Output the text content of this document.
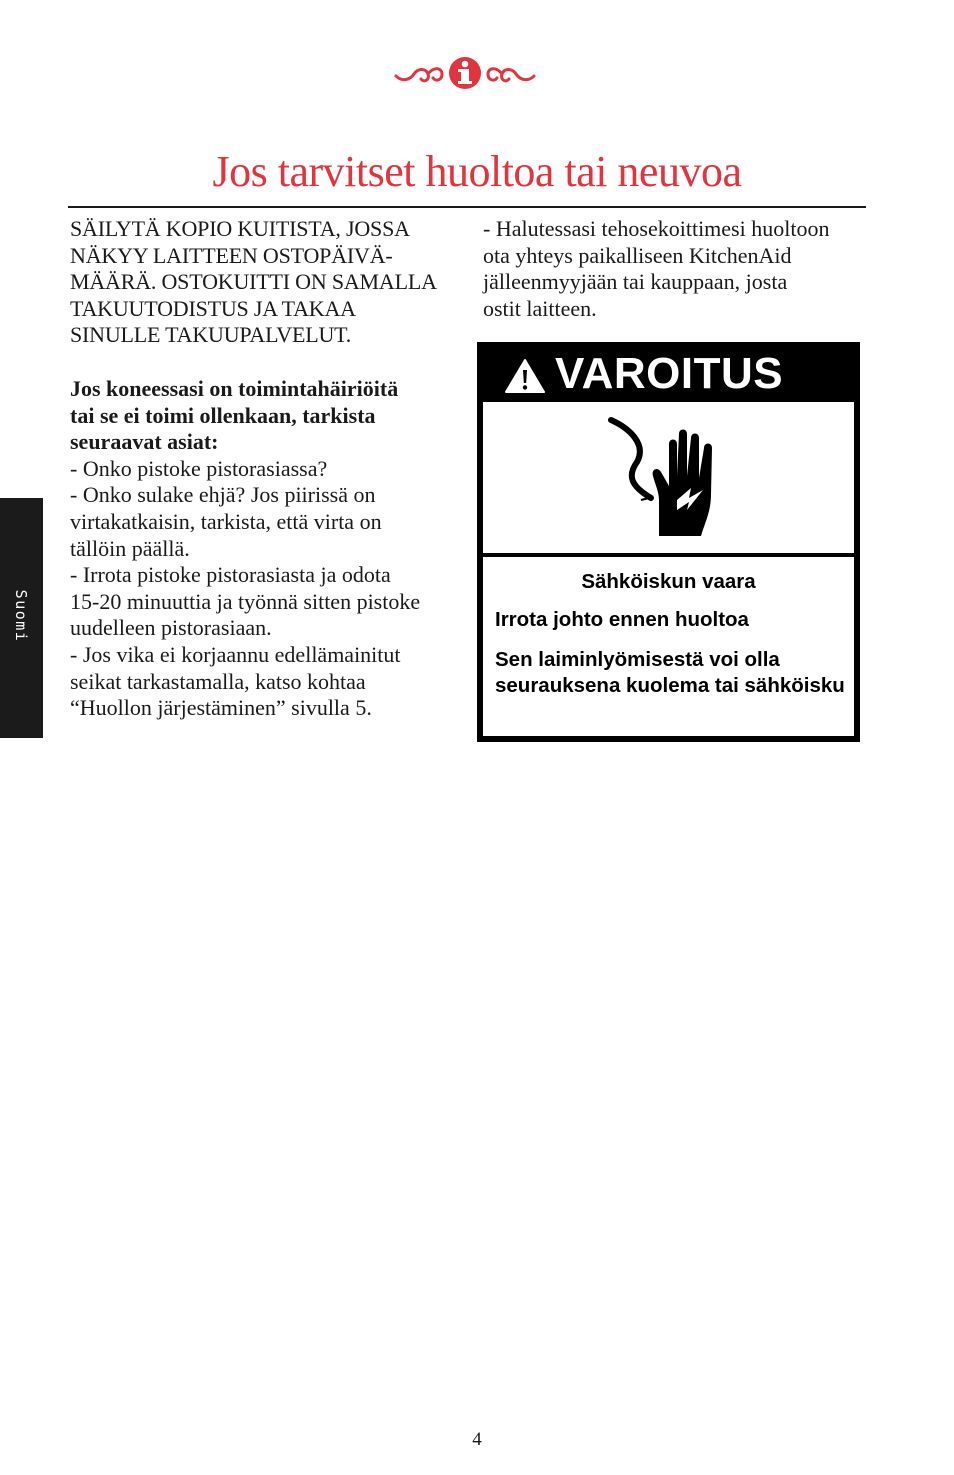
Jos tarvitset huoltoa tai neuvoa

SÄILYTÄ KOPIO KUITISTA, JOSSA

NÄKYY LAITTEEN OSTOPÄIVÄ-

MÄÄRÄ. OSTOKUITTI ON SAMALLA

TAKUUTODISTUS JA TAKAA

SINULLE TAKUUPALVELUT.

Jos koneessasi on toimintahäiriöitä

tai se ei toimi ollenkaan, tarkista

seuraavat asiat:

- Onko pistoke pistorasiassa?

- Onko sulake ehjä? Jos piirissä on

virtakatkaisin, tarkista, että virta on

tällöin päällä.

- Irrota pistoke pistorasiasta ja odota

15-20 minuuttia ja työnnä sitten pistoke

uudelleen pistorasiaan.

- Jos vika ei korjaannu edellämainitut

seikat tarkastamalla, katso kohtaa

“Huollon järjestäminen” sivulla 5.

- Halutessasi tehosekoittimesi huoltoon

ota yhteys paikalliseen KitchenAid

jälleenmyyjään tai kauppaan, josta

ostit laitteen.

VAROITUS

Sähköiskun vaara

Irrota johto ennen huoltoa

Sen laiminlyömisestä voi olla seurauksena kuolema tai sähköisku

Suomi
4
